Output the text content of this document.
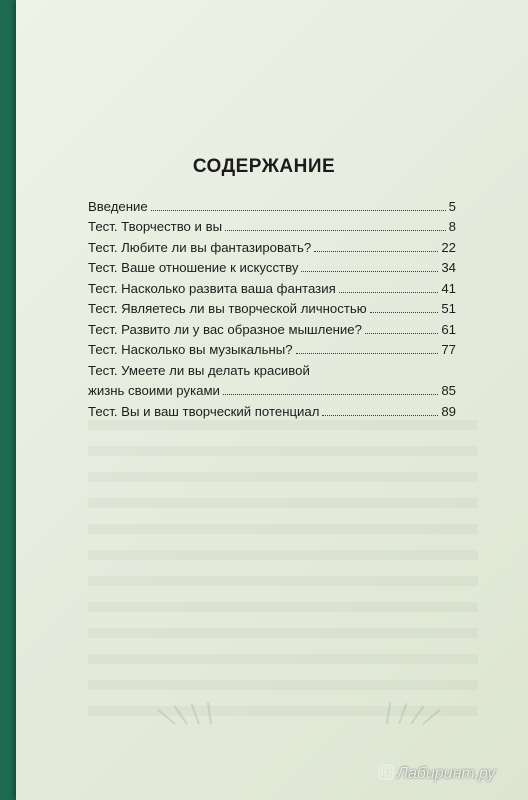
СОДЕРЖАНИЕ
Введение	5
Тест. Творчество и вы	8
Тест. Любите ли вы фантазировать?	22
Тест. Ваше отношение к искусству	34
Тест. Насколько развита ваша фантазия	41
Тест. Являетесь ли вы творческой личностью	51
Тест. Развито ли у вас образное мышление?	61
Тест. Насколько вы музыкальны?	77
Тест. Умеете ли вы делать красивой
жизнь своими руками	85
Тест. Вы и ваш творческий потенциал	89
Лабиринт.ру
